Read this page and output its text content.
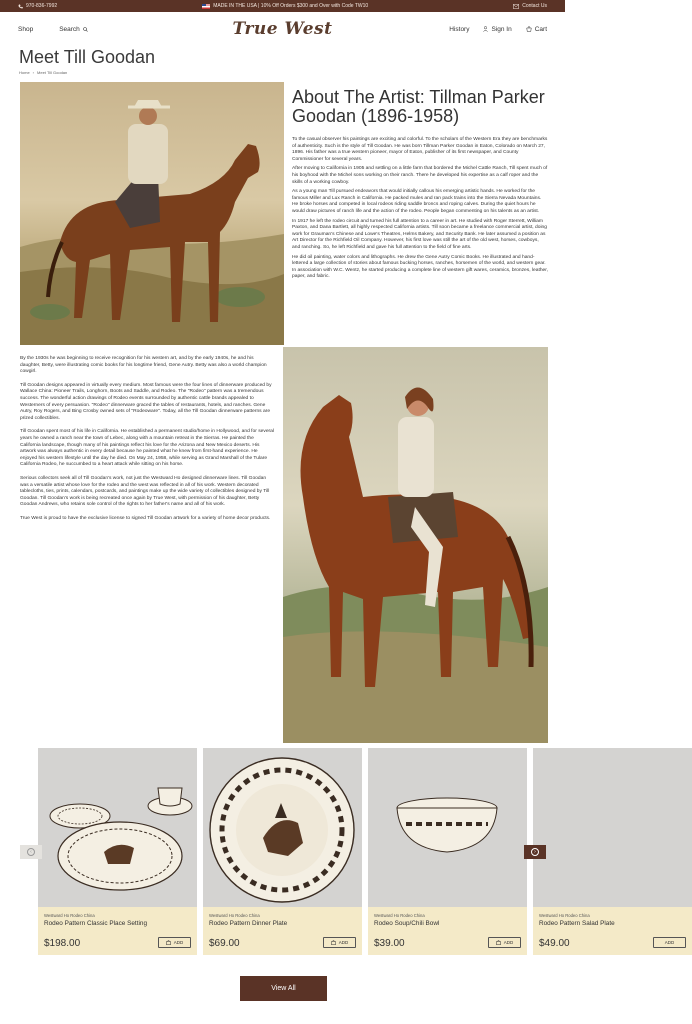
970-836-7992	MADE IN THE USA | 10% Off Orders $300 and Over with Code TW10	Contact Us
Shop	Search	True West	History	Sign In	Cart
Meet Till Goodan
Home › Meet Till Goodan
About The Artist: Tillman Parker Goodan (1896-1958)

To the casual observer his paintings are exciting and colorful. To the scholars of the Western Era they are benchmarks of authenticity. Such is the style of Till Goodan. He was born Tillman Parker Goodan in Eaton, Colorado on March 27, 1896. His father was a true western pioneer, mayor of Eaton, publisher of its first newspaper, and County Commissioner for several years.

After moving to California in 1905 and settling on a little farm that bordered the Michel Cattle Ranch, Till spent much of his boyhood with the Michel sons working on their ranch. There he developed his expertise as a calf roper and the skills of a working cowboy.

As a young man Till pursued endeavors that would initially callous his emerging artistic hands. He worked for the famous Miller and Lux Ranch in California. He packed mules and ran pack trains into the Sierra Nevada Mountains. He broke horses and competed in local rodeos riding saddle broncs and roping calves. During the quiet hours he would draw pictures of ranch life and the action of the rodeo. People began commenting on his talents as an artist.

In 1917 he left the rodeo circuit and turned his full attention to a career in art. He studied with Roger Sterrett, William Paxton, and Dana Bartlett, all highly respected California artists. Till soon became a freelance commercial artist, doing work for Grauman's Chinese and Lowe's Theatres, Helms Bakery, and Security Bank. He later assumed a position as Art Director for the Richfield Oil Company. However, his first love was still the art of the old west, horses, cowboys, and ranching. So, he left Richfield and gave his full attention to the field of fine arts.

He did oil painting, water colors and lithographs. He drew the Gene Autry Comic Books. He illustrated and hand-lettered a large collection of stories about famous bucking horses, ranches, horsemen of the world, and western gear. In association with W.C. Wentz, he started producing a complete line of western gift wares, ceramics, bronzes, leather, paper, and fabric.

By the 1930s he was beginning to receive recognition for his western art, and by the early 1940s, he and his daughter, Betty, were illustrating comic books for his longtime friend, Gene Autry. Betty was also a world champion cowgirl.

Till Goodan designs appeared in virtually every medium. Most famous were the four lines of dinnerware produced by Wallace China: Pioneer Trails, Longhorn, Boots and Saddle, and Rodeo. The "Rodeo" pattern was a tremendous success. The wonderful action drawings of Rodeo events surrounded by authentic cattle brands appealed to Westerners of every persuasion. "Rodeo" dinnerware graced the tables of restaurants, hotels, and ranches. Gene Autry, Roy Rogers, and Bing Crosby owned sets of "Rodeoware". Today, all the Till Goodan dinnerware patterns are prized collectibles.

Till Goodan spent most of his life in California. He established a permanent studio/home in Hollywood, and for several years he owned a ranch near the town of Lebec, along with a mountain retreat in the Sierras. He painted the California landscape, though many of his paintings reflect his love for the Arizona and New Mexico deserts. His artwork was always authentic in every detail because he painted what he knew from first-hand experience. He enjoyed his western lifestyle until the day he died. On May 24, 1958, while serving as Grand Marshall of the Tulare California Rodeo, he succumbed to a heart attack while sitting on his horse.

Serious collectors seek all of Till Goodan's work, not just the Westward Ho designed dinnerware lines. Till Goodan was a versatile artist whose love for the rodeo and the west was reflected in all of his work. Western decorated tablecloths, ties, prints, calendars, postcards, and paintings make up the wide variety of collectibles designed by Till Goodan. Till Goodan's work is being recreated once again by True West, with permission of his daughter, Betty Goodan Andrews, who retains sole control of the rights to her father's name and all of his work.

True West is proud to have the exclusive license to signed Till Goodan artwork for a variety of home decor products.

Westward Ho Rodeo China
Rodeo Pattern Classic Place Setting
$198.00	ADD
Westward Ho Rodeo China
Rodeo Pattern Dinner Plate
$69.00	ADD
Westward Ho Rodeo China
Rodeo Soup/Chili Bowl
$39.00	ADD
Westward Ho Rodeo China
Rodeo Pattern Salad Plate
$49.00	ADD
‹	›
View All
